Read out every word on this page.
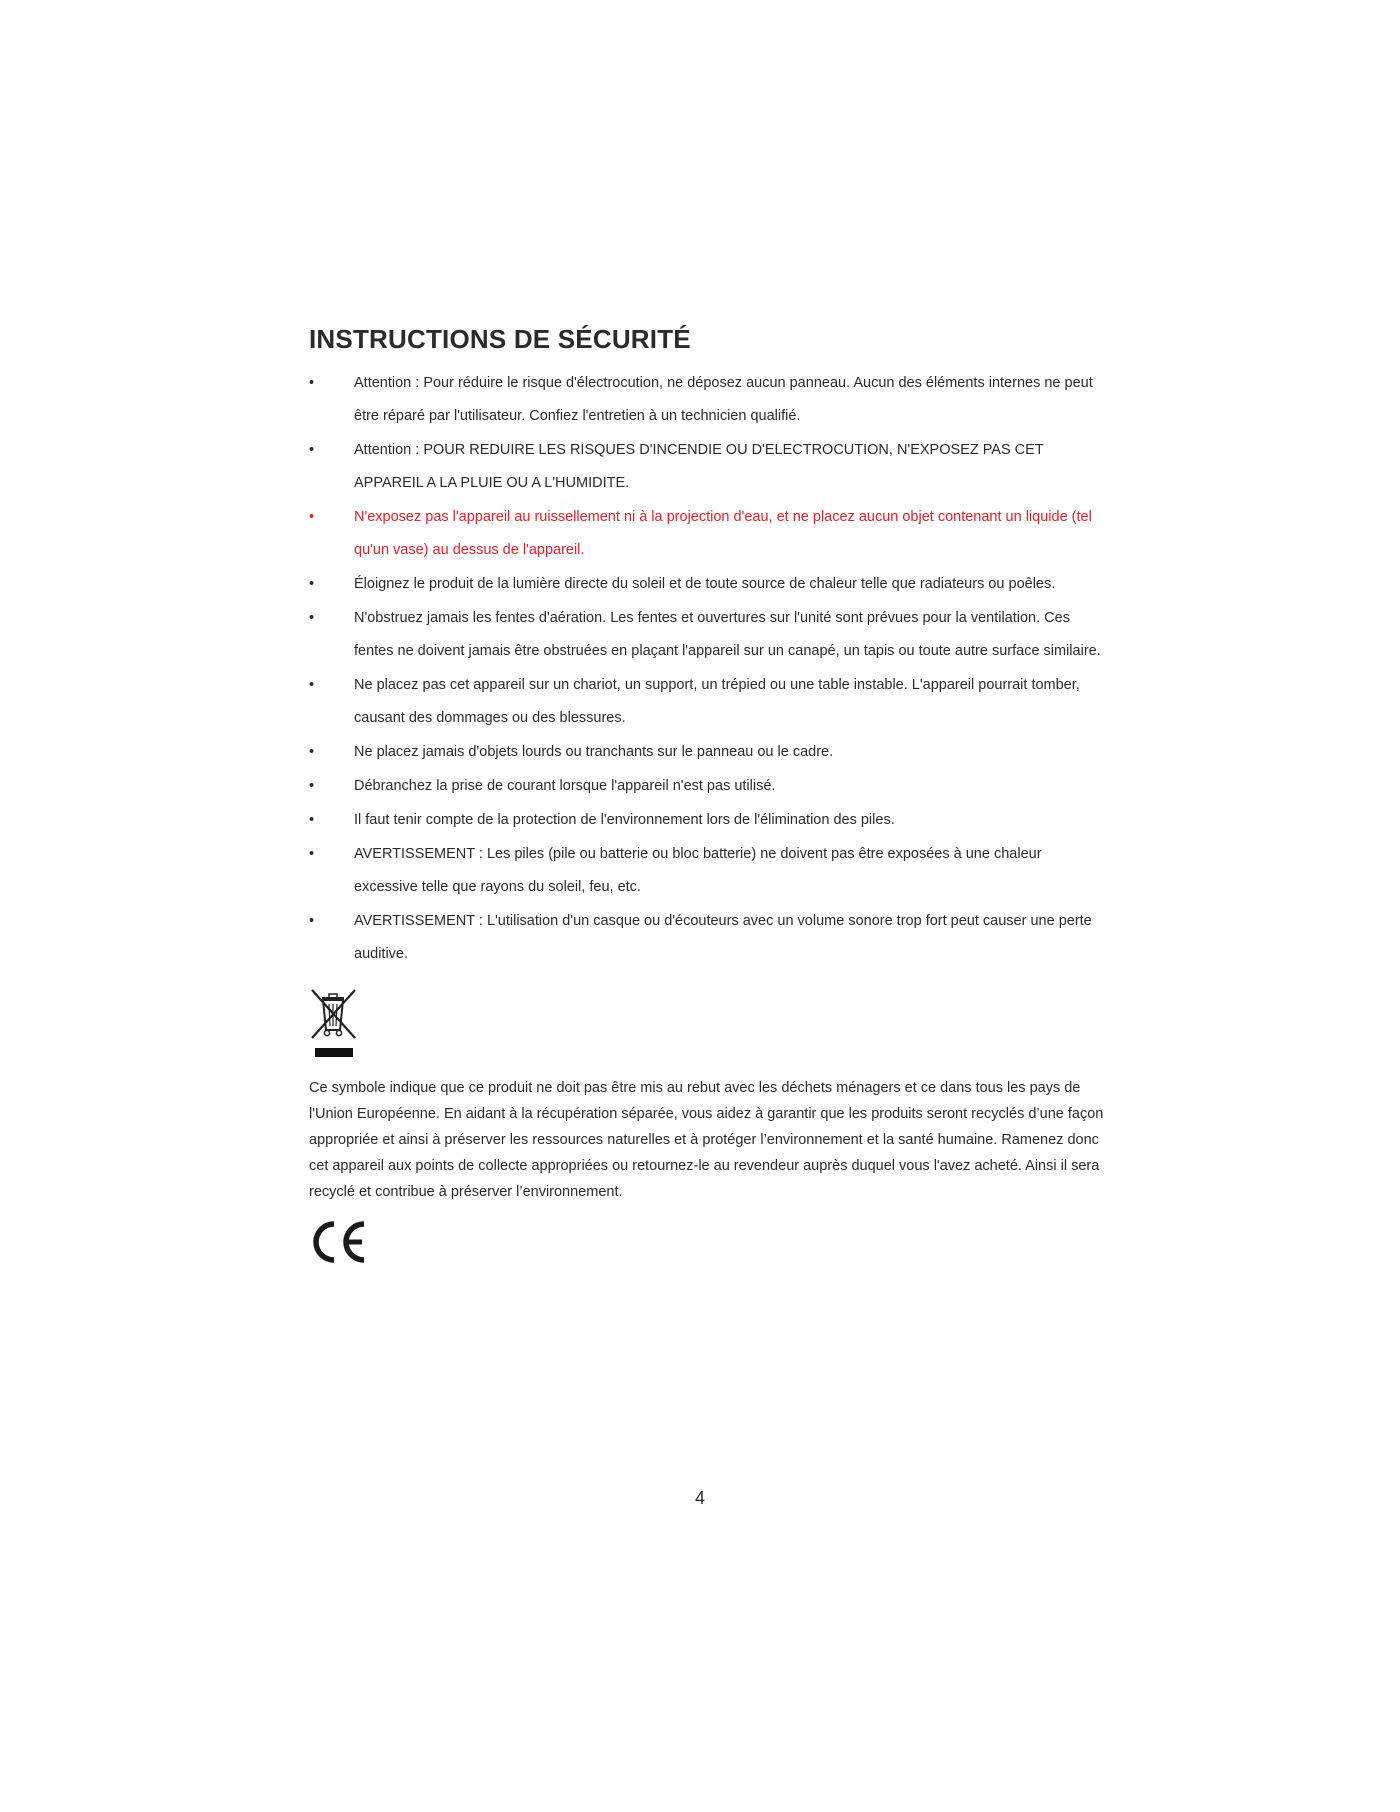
INSTRUCTIONS DE SÉCURITÉ
•	Attention : Pour réduire le risque d'électrocution, ne déposez aucun panneau. Aucun des éléments internes ne peut être réparé par l'utilisateur. Confiez l'entretien à un technicien qualifié.
•	Attention : POUR REDUIRE LES RISQUES D'INCENDIE OU D'ELECTROCUTION, N'EXPOSEZ PAS CET APPAREIL A LA PLUIE OU A L'HUMIDITE.
•	N'exposez pas l'appareil au ruissellement ni à la projection d'eau, et ne placez aucun objet contenant un liquide (tel qu'un vase) au dessus de l'appareil.
•	Éloignez le produit de la lumière directe du soleil et de toute source de chaleur telle que radiateurs ou poêles.
•	N'obstruez jamais les fentes d'aération. Les fentes et ouvertures sur l'unité sont prévues pour la ventilation. Ces fentes ne doivent jamais être obstruées en plaçant l'appareil sur un canapé, un tapis ou toute autre surface similaire.
•	Ne placez pas cet appareil sur un chariot, un support, un trépied ou une table instable. L'appareil pourrait tomber, causant des dommages ou des blessures.
•	Ne placez jamais d'objets lourds ou tranchants sur le panneau ou le cadre.
•	Débranchez la prise de courant lorsque l'appareil n'est pas utilisé.
•	Il faut tenir compte de la protection de l'environnement lors de l'élimination des piles.
•	AVERTISSEMENT : Les piles (pile ou batterie ou bloc batterie) ne doivent pas être exposées à une chaleur excessive telle que rayons du soleil, feu, etc.
•	AVERTISSEMENT : L'utilisation d'un casque ou d'écouteurs avec un volume sonore trop fort peut causer une perte auditive.

Ce symbole indique que ce produit ne doit pas être mis au rebut avec les déchets ménagers et ce dans tous les pays de l'Union Européenne. En aidant à la récupération séparée, vous aidez à garantir que les produits seront recyclés d’une façon appropriée et ainsi à préserver les ressources naturelles et à protéger l’environnement et la santé humaine. Ramenez donc cet appareil aux points de collecte appropriées ou retournez-le au revendeur auprès duquel vous l'avez acheté. Ainsi il sera recyclé et contribue à préserver l’environnement.

4
